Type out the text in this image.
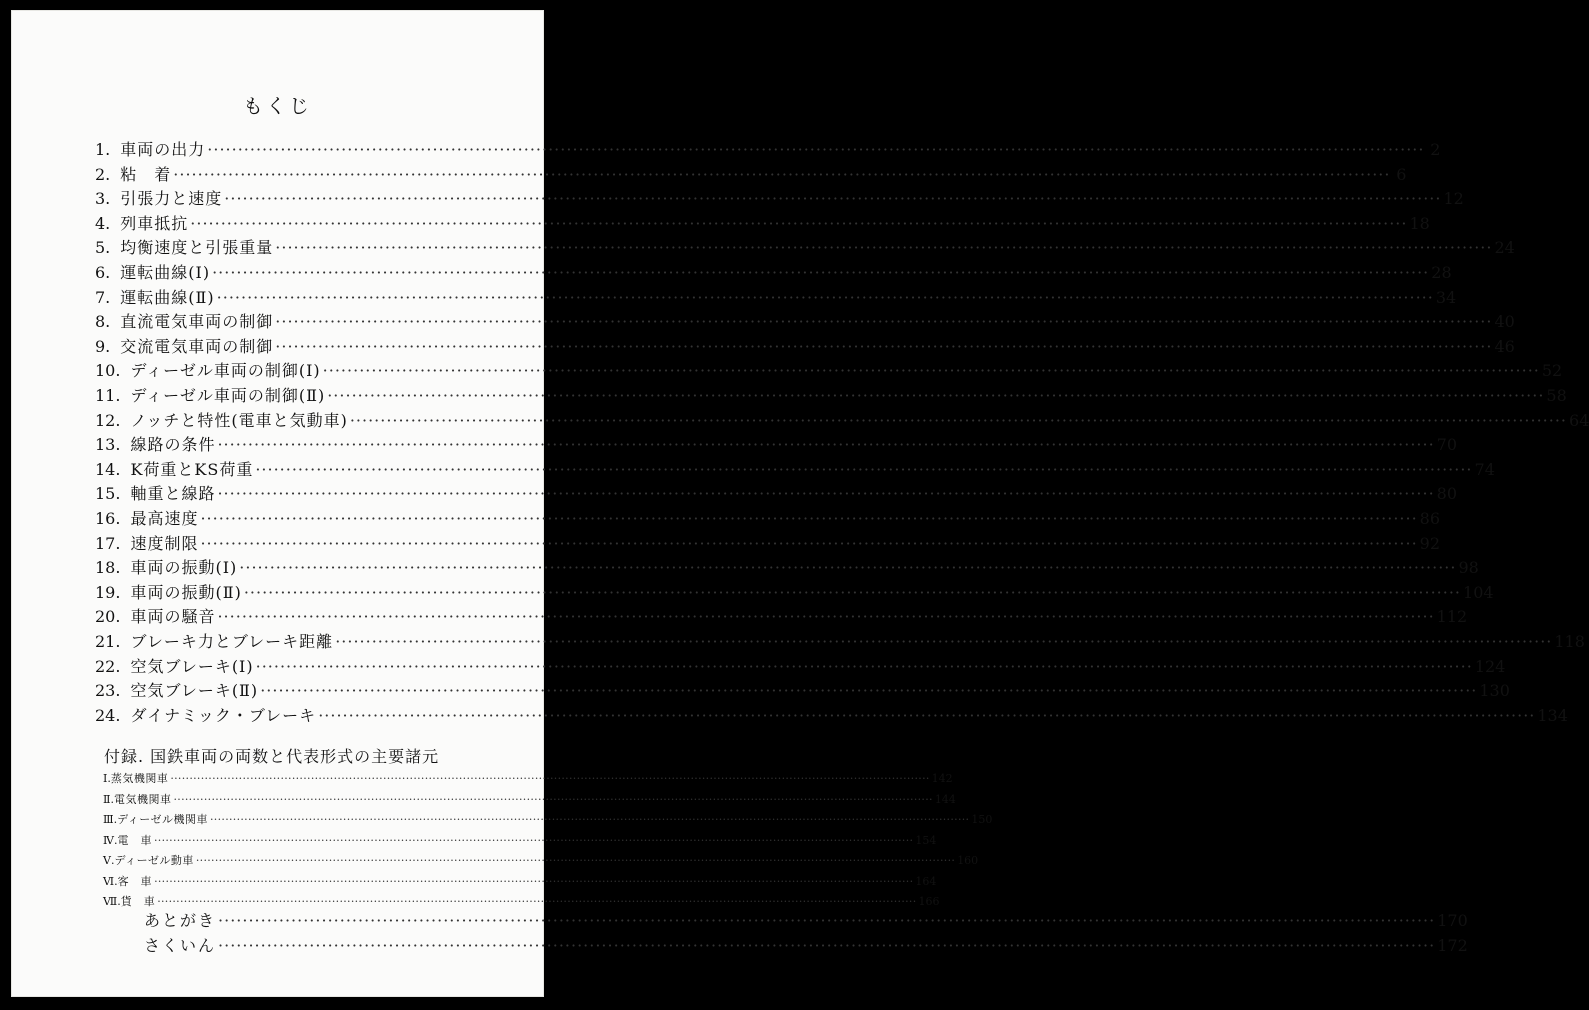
もくじ
付録. 国鉄車両の両数と代表形式の主要諸元
1. 車両の出力 ········································································································································································································ 2
2. 粘　着 ········································································································································································································ 6
3. 引張力と速度 ········································································································································································································ 12
4. 列車抵抗 ········································································································································································································ 18
5. 均衡速度と引張重量 ········································································································································································································ 24
6. 運転曲線(Ⅰ) ········································································································································································································ 28
7. 運転曲線(Ⅱ) ········································································································································································································ 34
8. 直流電気車両の制御 ········································································································································································································ 40
9. 交流電気車両の制御 ········································································································································································································ 46
10. ディーゼル車両の制御(Ⅰ) ········································································································································································································ 52
11. ディーゼル車両の制御(Ⅱ) ········································································································································································································ 58
12. ノッチと特性(電車と気動車) ········································································································································································································ 64
13. 線路の条件 ········································································································································································································ 70
14. K荷重とKS荷重 ········································································································································································································ 74
15. 軸重と線路 ········································································································································································································ 80
16. 最高速度 ········································································································································································································ 86
17. 速度制限 ········································································································································································································ 92
18. 車両の振動(Ⅰ) ········································································································································································································ 98
19. 車両の振動(Ⅱ) ········································································································································································································ 104
20. 車両の騒音 ········································································································································································································ 112
21. ブレーキ力とブレーキ距離 ········································································································································································································ 118
22. 空気ブレーキ(Ⅰ) ········································································································································································································ 124
23. 空気ブレーキ(Ⅱ) ········································································································································································································ 130
24. ダイナミック・ブレーキ ········································································································································································································ 134
Ⅰ. 蒸気機関車 ········································································································································································································ 142
Ⅱ. 電気機関車 ········································································································································································································ 144
Ⅲ. ディーゼル機関車 ········································································································································································································ 150
Ⅳ. 電　車 ········································································································································································································ 154
Ⅴ. ディーゼル動車 ········································································································································································································ 160
Ⅵ. 客　車 ········································································································································································································ 164
Ⅶ. 貨　車 ········································································································································································································ 166
あとがき ········································································································································································································ 170
さくいん ········································································································································································································ 172
